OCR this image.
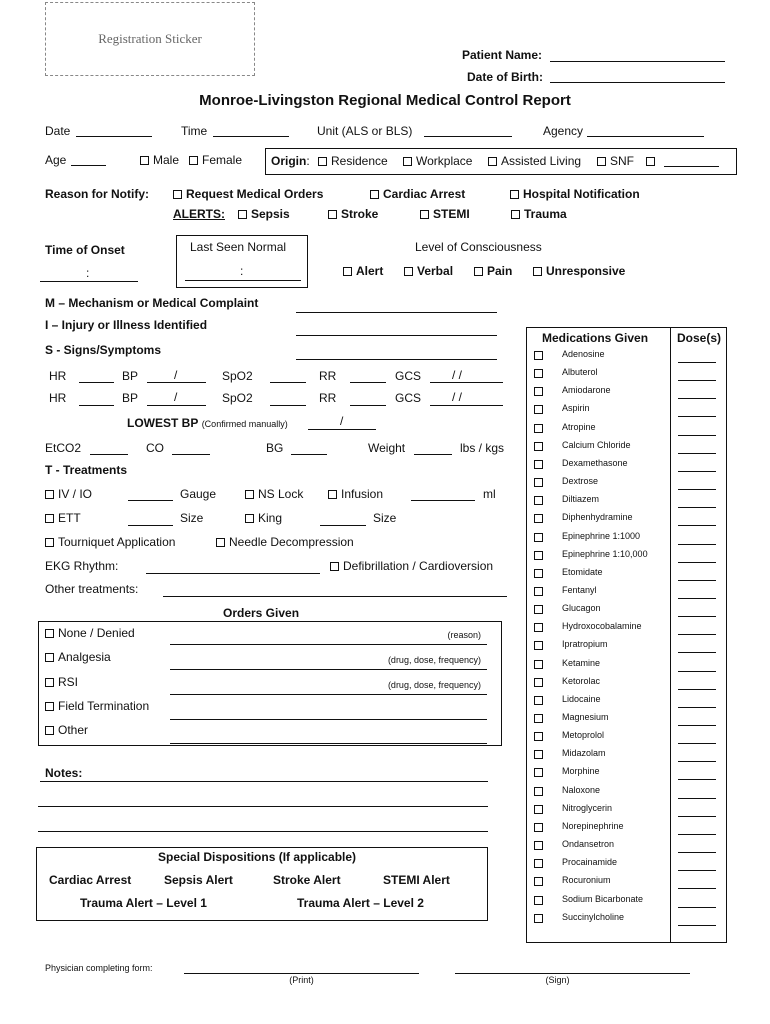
Registration Sticker
Patient Name:
Date of Birth:
Monroe-Livingston Regional Medical Control Report
Date	Time	Unit (ALS or BLS)	Agency
Age	Male	Female Origin:	Residence	Workplace	Assisted Living	SNF
Reason for Notify:	Request Medical Orders	Cardiac Arrest	Hospital Notification
ALERTS:	Sepsis	Stroke	STEMI	Trauma
Time of Onset
:
Last Seen Normal
:
Level of Consciousness
Alert	Verbal	Pain	Unresponsive
M – Mechanism or Medical Complaint
I – Injury or Illness Identified
S - Signs/Symptoms
HR	BP	/	SpO2	RR	GCS	/ /
HR	BP	/	SpO2	RR	GCS	/ /
LOWEST BP (Confirmed manually)	/
EtCO2	CO	BG	Weight	lbs / kgs
T - Treatments
IV / IO	Gauge	NS Lock	Infusion	ml
ETT	Size	King	Size
Tourniquet Application	Needle Decompression
EKG Rhythm:	Defibrillation / Cardioversion
Other treatments:
Orders Given
None / Denied	(reason)
Analgesia	(drug, dose, frequency)
RSI	(drug, dose, frequency)
Field Termination
Other
Notes:
Special Dispositions (If applicable)
Cardiac Arrest	Sepsis Alert	Stroke Alert	STEMI Alert
Trauma Alert – Level 1	Trauma Alert – Level 2
Medications Given Dose(s)
Adenosine
Albuterol
Amiodarone
Aspirin
Atropine
Calcium Chloride
Dexamethasone
Dextrose
Diltiazem
Diphenhydramine
Epinephrine 1:1000
Epinephrine 1:10,000
Etomidate
Fentanyl
Glucagon
Hydroxocobalamine
Ipratropium
Ketamine
Ketorolac
Lidocaine
Magnesium
Metoprolol
Midazolam
Morphine
Naloxone
Nitroglycerin
Norepinephrine
Ondansetron
Procainamide
Rocuronium
Sodium Bicarbonate
Succinylcholine
Physician completing form:
(Print)	(Sign)
